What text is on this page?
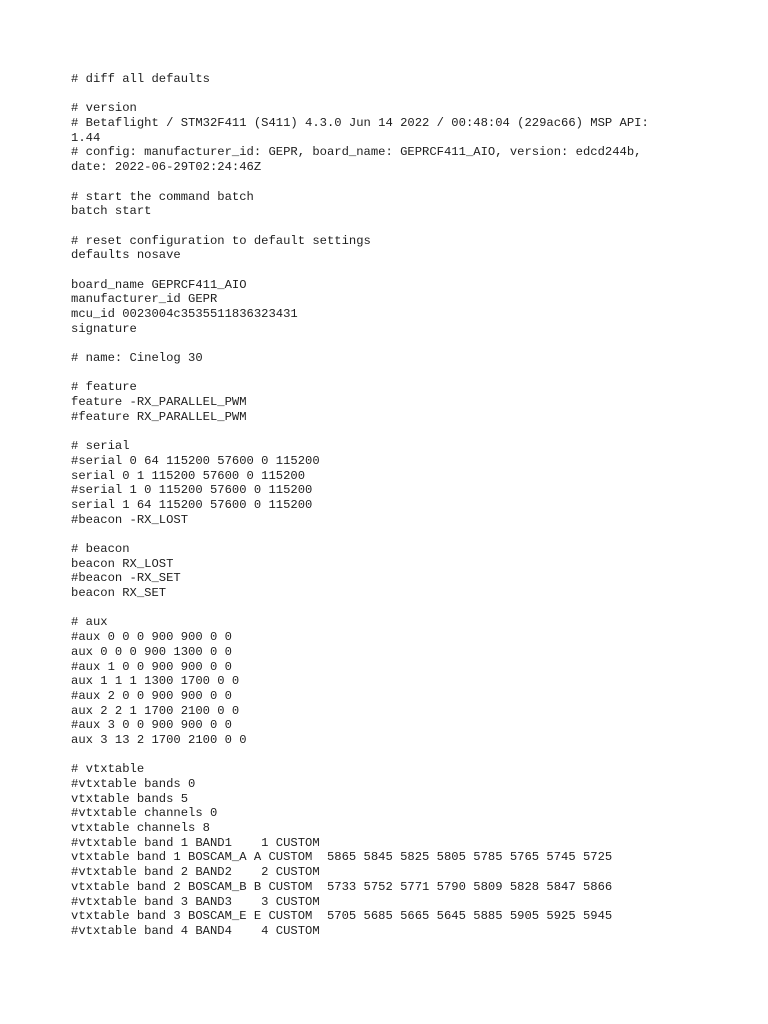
# diff all defaults
# version
# Betaflight / STM32F411 (S411) 4.3.0 Jun 14 2022 / 00:48:04 (229ac66) MSP API:
1.44
# config: manufacturer_id: GEPR, board_name: GEPRCF411_AIO, version: edcd244b,
date: 2022-06-29T02:24:46Z
# start the command batch
batch start
# reset configuration to default settings
defaults nosave
board_name GEPRCF411_AIO
manufacturer_id GEPR
mcu_id 0023004c3535511836323431
signature
# name: Cinelog 30
# feature
feature -RX_PARALLEL_PWM
#feature RX_PARALLEL_PWM
# serial
#serial 0 64 115200 57600 0 115200
serial 0 1 115200 57600 0 115200
#serial 1 0 115200 57600 0 115200
serial 1 64 115200 57600 0 115200
#beacon -RX_LOST
# beacon
beacon RX_LOST
#beacon -RX_SET
beacon RX_SET
# aux
#aux 0 0 0 900 900 0 0
aux 0 0 0 900 1300 0 0
#aux 1 0 0 900 900 0 0
aux 1 1 1 1300 1700 0 0
#aux 2 0 0 900 900 0 0
aux 2 2 1 1700 2100 0 0
#aux 3 0 0 900 900 0 0
aux 3 13 2 1700 2100 0 0
# vtxtable
#vtxtable bands 0
vtxtable bands 5
#vtxtable channels 0
vtxtable channels 8
#vtxtable band 1 BAND1    1 CUSTOM
vtxtable band 1 BOSCAM_A A CUSTOM  5865 5845 5825 5805 5785 5765 5745 5725
#vtxtable band 2 BAND2    2 CUSTOM
vtxtable band 2 BOSCAM_B B CUSTOM  5733 5752 5771 5790 5809 5828 5847 5866
#vtxtable band 3 BAND3    3 CUSTOM
vtxtable band 3 BOSCAM_E E CUSTOM  5705 5685 5665 5645 5885 5905 5925 5945
#vtxtable band 4 BAND4    4 CUSTOM
